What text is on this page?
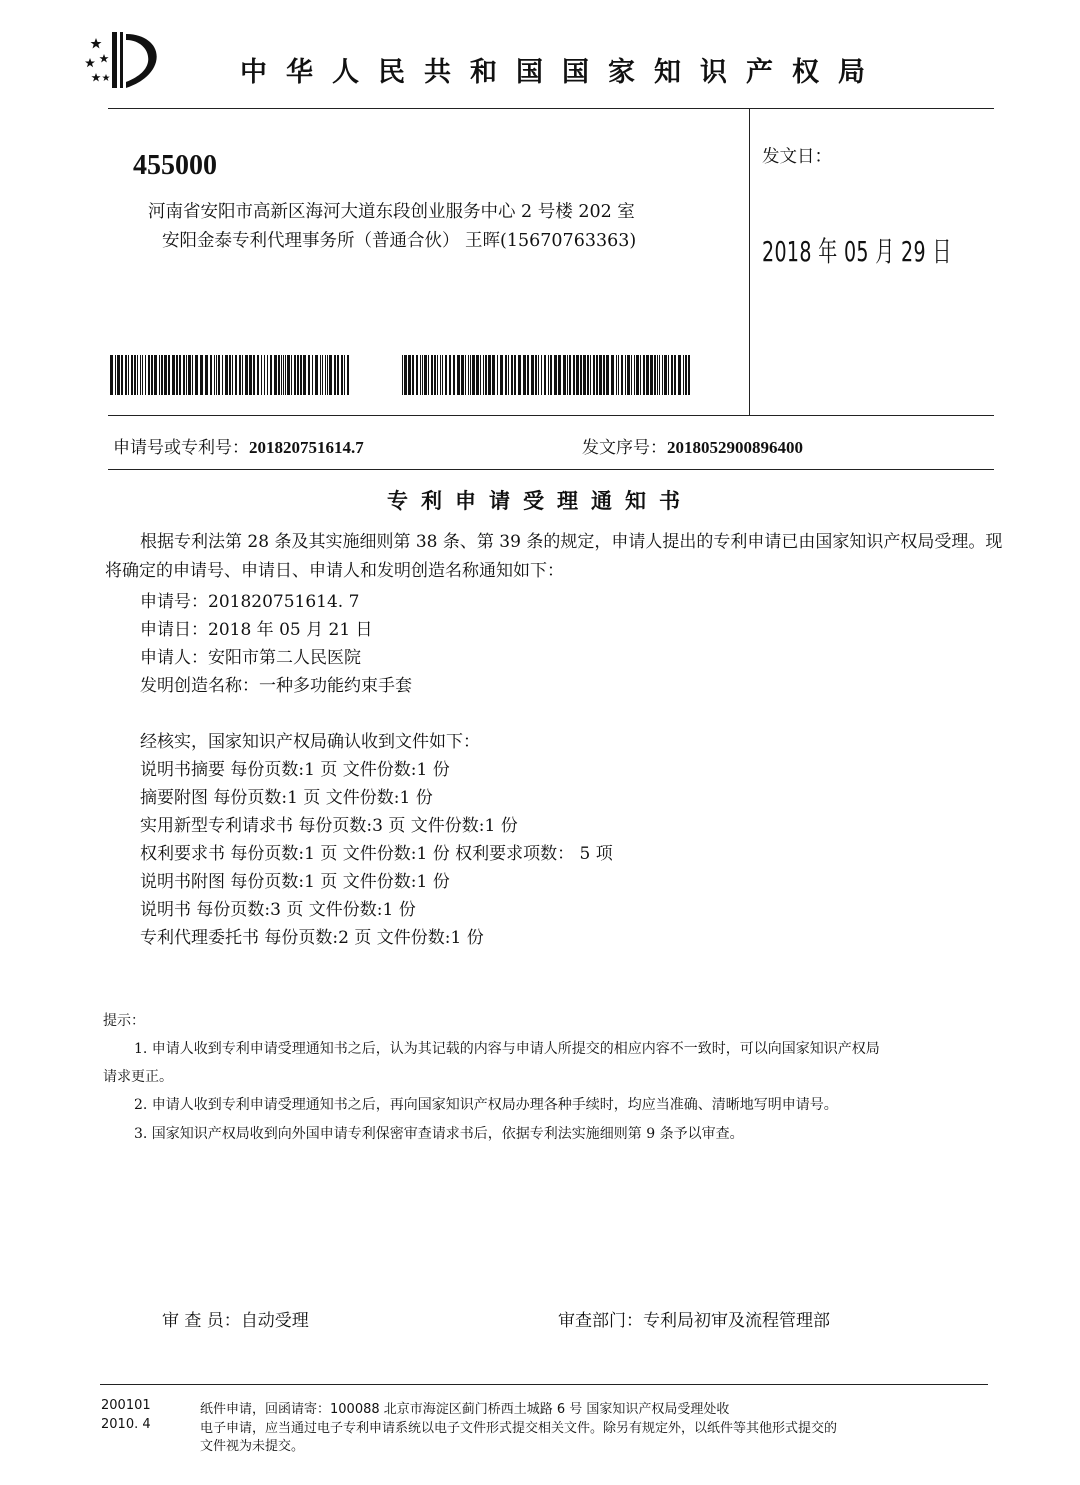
中华人民共和国国家知识产权局
455000
河南省安阳市高新区海河大道东段创业服务中心 2 号楼 202 室
安阳金泰专利代理事务所（普通合伙） 王晖(15670763363)
发文日：
2018 年 05 月 29 日
申请号或专利号：201820751614.7	发文序号：2018052900896400
专利申请受理通知书
根据专利法第 28 条及其实施细则第 38 条、第 39 条的规定，申请人提出的专利申请已由国家知识产权局受理。现将确定的申请号、申请日、申请人和发明创造名称通知如下：
申请号：201820751614. 7
申请日：2018 年 05 月 21 日
申请人：安阳市第二人民医院
发明创造名称：一种多功能约束手套
经核实，国家知识产权局确认收到文件如下：
说明书摘要 每份页数:1 页 文件份数:1 份
摘要附图 每份页数:1 页 文件份数:1 份
实用新型专利请求书 每份页数:3 页 文件份数:1 份
权利要求书 每份页数:1 页 文件份数:1 份 权利要求项数： 5 项
说明书附图 每份页数:1 页 文件份数:1 份
说明书 每份页数:3 页 文件份数:1 份
专利代理委托书 每份页数:2 页 文件份数:1 份
提示：
1. 申请人收到专利申请受理通知书之后，认为其记载的内容与申请人所提交的相应内容不一致时，可以向国家知识产权局
请求更正。
2. 申请人收到专利申请受理通知书之后，再向国家知识产权局办理各种手续时，均应当准确、清晰地写明申请号。
3. 国家知识产权局收到向外国申请专利保密审查请求书后，依据专利法实施细则第 9 条予以审查。
审 查 员：自动受理	审查部门：专利局初审及流程管理部
200101
2010. 4
纸件申请，回函请寄：100088 北京市海淀区蓟门桥西土城路 6 号 国家知识产权局受理处收
电子申请，应当通过电子专利申请系统以电子文件形式提交相关文件。除另有规定外，以纸件等其他形式提交的
文件视为未提交。
